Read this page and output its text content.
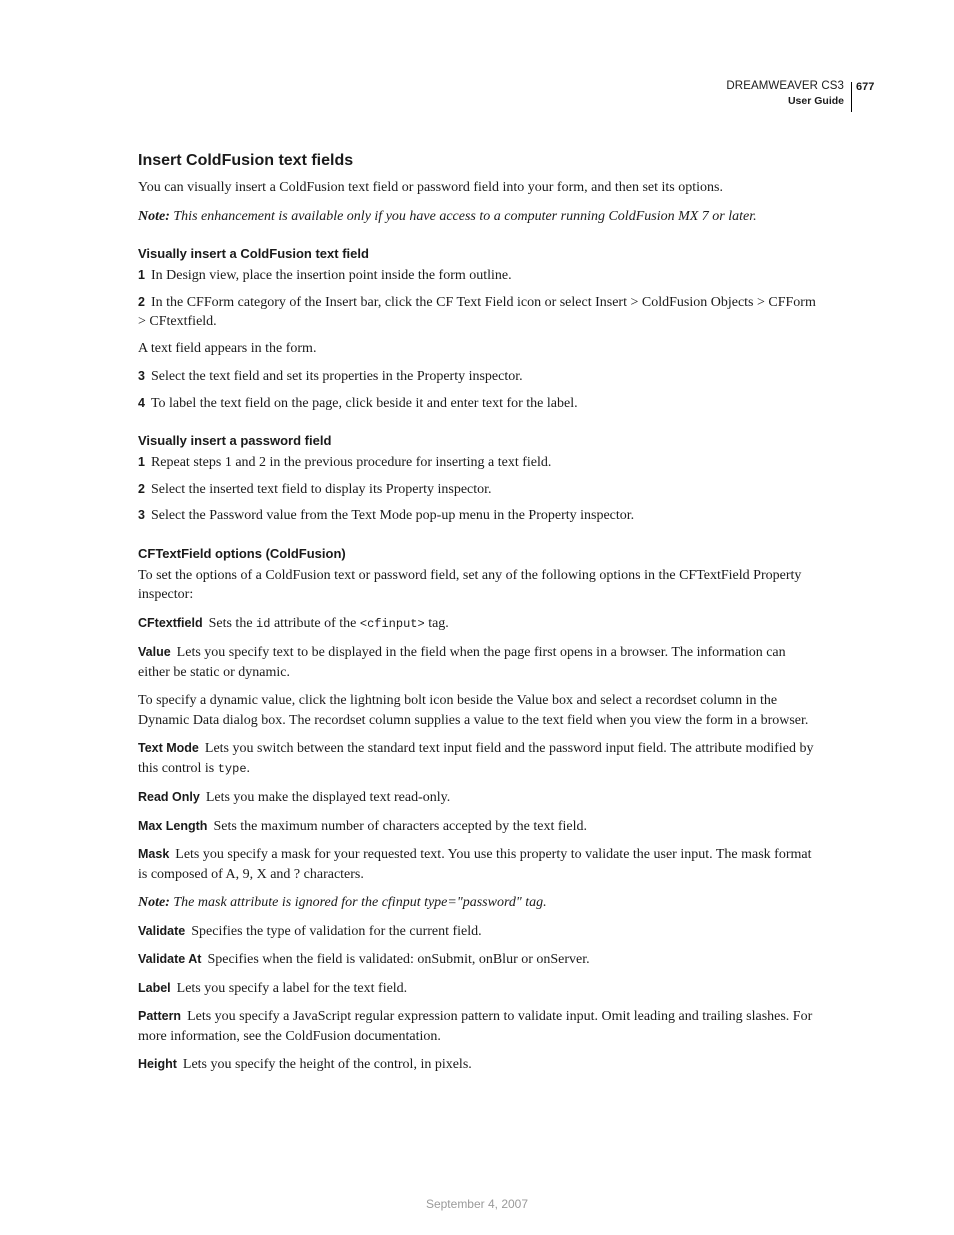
DREAMWEAVER CS3
User Guide
677
Insert ColdFusion text fields

You can visually insert a ColdFusion text field or password field into your form, and then set its options.

Note: This enhancement is available only if you have access to a computer running ColdFusion MX 7 or later.

Visually insert a ColdFusion text field

1 In Design view, place the insertion point inside the form outline.

2 In the CFForm category of the Insert bar, click the CF Text Field icon or select Insert > ColdFusion Objects > CFForm > CFtextfield.

A text field appears in the form.

3 Select the text field and set its properties in the Property inspector.

4 To label the text field on the page, click beside it and enter text for the label.

Visually insert a password field

1 Repeat steps 1 and 2 in the previous procedure for inserting a text field.

2 Select the inserted text field to display its Property inspector.

3 Select the Password value from the Text Mode pop-up menu in the Property inspector.

CFTextField options (ColdFusion)

To set the options of a ColdFusion text or password field, set any of the following options in the CFTextField Property inspector:

CFtextfield Sets the id attribute of the <cfinput> tag.

Value Lets you specify text to be displayed in the field when the page first opens in a browser. The information can either be static or dynamic.

To specify a dynamic value, click the lightning bolt icon beside the Value box and select a recordset column in the Dynamic Data dialog box. The recordset column supplies a value to the text field when you view the form in a browser.

Text Mode Lets you switch between the standard text input field and the password input field. The attribute modified by this control is type.

Read Only Lets you make the displayed text read-only.

Max Length Sets the maximum number of characters accepted by the text field.

Mask Lets you specify a mask for your requested text. You use this property to validate the user input. The mask format is composed of A, 9, X and ? characters.

Note: The mask attribute is ignored for the cfinput type="password" tag.

Validate Specifies the type of validation for the current field.

Validate At Specifies when the field is validated: onSubmit, onBlur or onServer.

Label Lets you specify a label for the text field.

Pattern Lets you specify a JavaScript regular expression pattern to validate input. Omit leading and trailing slashes. For more information, see the ColdFusion documentation.

Height Lets you specify the height of the control, in pixels.

September 4, 2007
